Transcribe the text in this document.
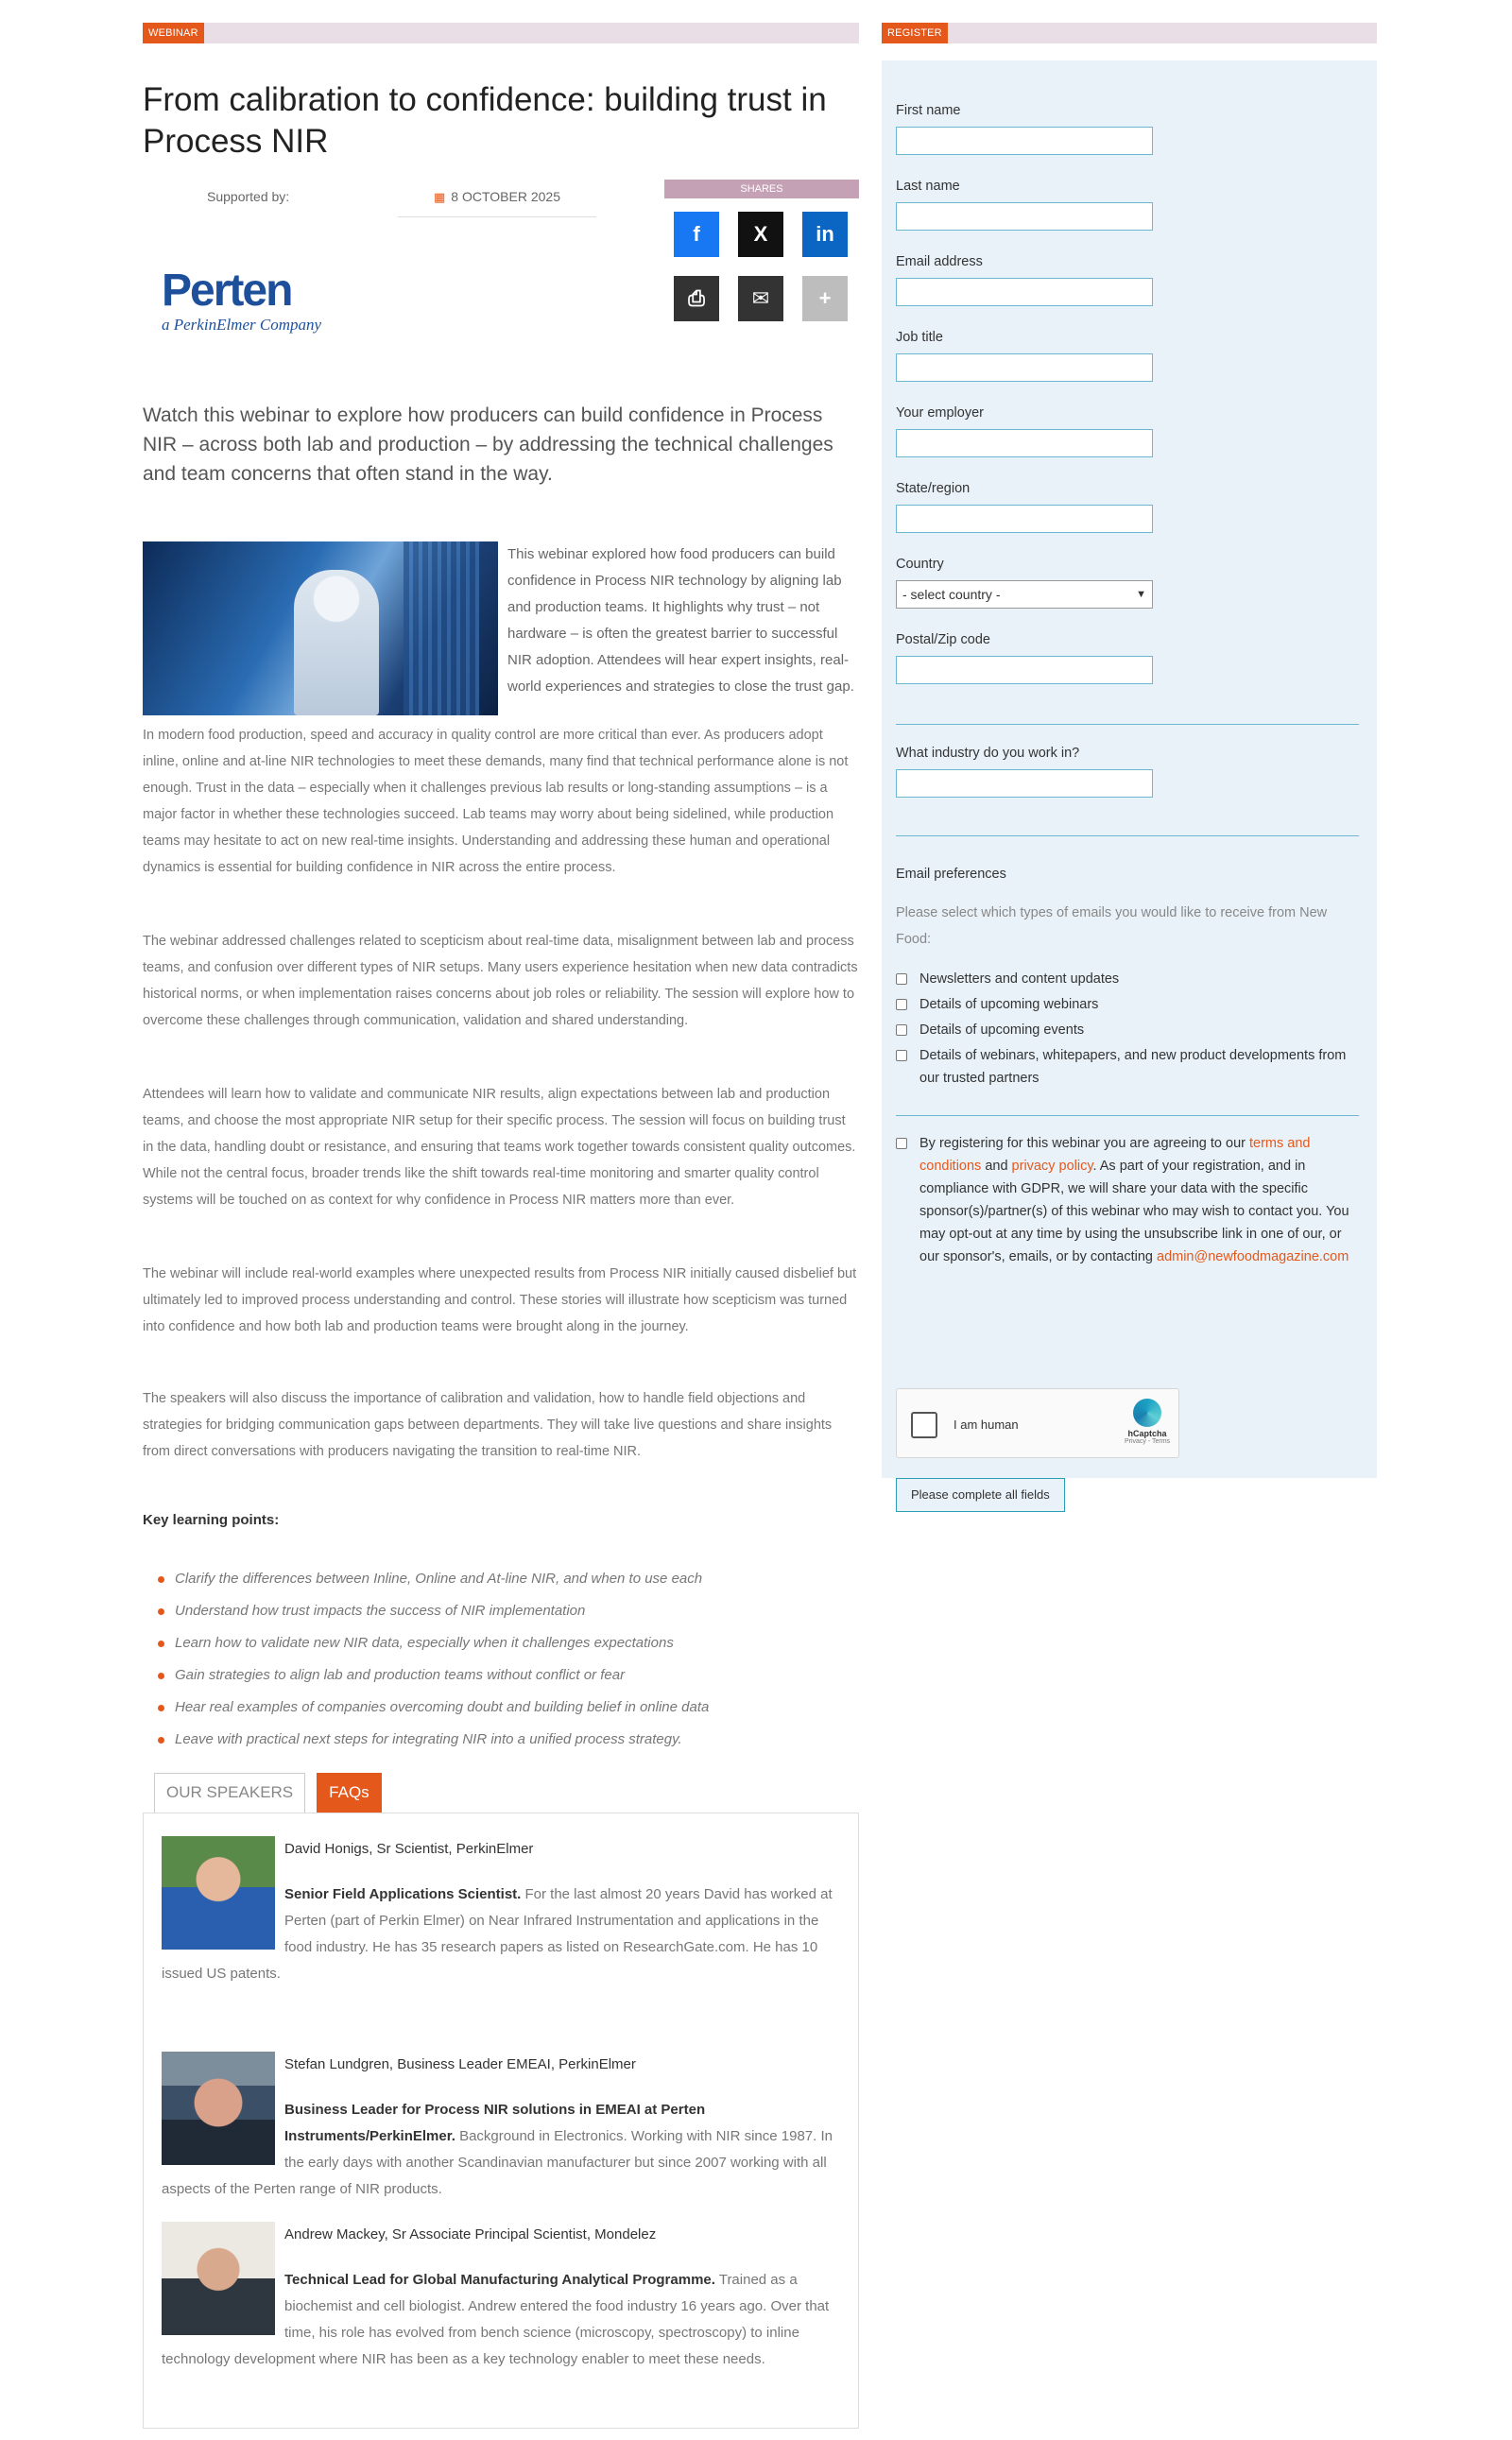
WEBINAR
From calibration to confidence: building trust in Process NIR
Supported by:	▦ 8 OCTOBER 2025
Perten
a PerkinElmer Company
SHARES
f	X in
⎙ ✉ +

Watch this webinar to explore how producers can build confidence in Process NIR – across both lab and production – by addressing the technical challenges and team concerns that often stand in the way.

This webinar explored how food producers can build confidence in Process NIR technology by aligning lab and production teams. It highlights why trust – not hardware – is often the greatest barrier to successful NIR adoption. Attendees will hear expert insights, real-world experiences and strategies to close the trust gap.

In modern food production, speed and accuracy in quality control are more critical than ever. As producers adopt inline, online and at-line NIR technologies to meet these demands, many find that technical performance alone is not enough. Trust in the data – especially when it challenges previous lab results or long-standing assumptions – is a major factor in whether these technologies succeed. Lab teams may worry about being sidelined, while production teams may hesitate to act on new real-time insights. Understanding and addressing these human and operational dynamics is essential for building confidence in NIR across the entire process.

The webinar addressed challenges related to scepticism about real-time data, misalignment between lab and process teams, and confusion over different types of NIR setups. Many users experience hesitation when new data contradicts historical norms, or when implementation raises concerns about job roles or reliability. The session will explore how to overcome these challenges through communication, validation and shared understanding.

Attendees will learn how to validate and communicate NIR results, align expectations between lab and production teams, and choose the most appropriate NIR setup for their specific process. The session will focus on building trust in the data, handling doubt or resistance, and ensuring that teams work together towards consistent quality outcomes. While not the central focus, broader trends like the shift towards real-time monitoring and smarter quality control systems will be touched on as context for why confidence in Process NIR matters more than ever.

The webinar will include real-world examples where unexpected results from Process NIR initially caused disbelief but ultimately led to improved process understanding and control. These stories will illustrate how scepticism was turned into confidence and how both lab and production teams were brought along in the journey.

The speakers will also discuss the importance of calibration and validation, how to handle field objections and strategies for bridging communication gaps between departments. They will take live questions and share insights from direct conversations with producers navigating the transition to real-time NIR.

Key learning points:
Clarify the differences between Inline, Online and At-line NIR, and when to use each
Understand how trust impacts the success of NIR implementation
Learn how to validate new NIR data, especially when it challenges expectations
Gain strategies to align lab and production teams without conflict or fear
Hear real examples of companies overcoming doubt and building belief in online data
Leave with practical next steps for integrating NIR into a unified process strategy.
OUR SPEAKERS	FAQs
David Honigs, Sr Scientist, PerkinElmer
Senior Field Applications Scientist. For the last almost 20 years David has worked at Perten (part of Perkin Elmer) on Near Infrared Instrumentation and applications in the food industry. He has 35 research papers as listed on ResearchGate.com. He has 10 issued US patents.
Stefan Lundgren, Business Leader EMEAI, PerkinElmer
Business Leader for Process NIR solutions in EMEAI at Perten Instruments/PerkinElmer. Background in Electronics. Working with NIR since 1987. In the early days with another Scandinavian manufacturer but since 2007 working with all aspects of the Perten range of NIR products.
Andrew Mackey, Sr Associate Principal Scientist, Mondelez
Technical Lead for Global Manufacturing Analytical Programme. Trained as a biochemist and cell biologist. Andrew entered the food industry 16 years ago. Over that time, his role has evolved from bench science (microscopy, spectroscopy) to inline technology development where NIR has been as a key technology enabler to meet these needs.
REGISTER
First name
Last name
Email address
Job title
Your employer
State/region
Country
- select country -	▼
Postal/Zip code
What industry do you work in?
Email preferences
Please select which types of emails you would like to receive from New Food:
Newsletters and content updates
Details of upcoming webinars
Details of upcoming events
Details of webinars, whitepapers, and new product developments from our trusted partners
By registering for this webinar you are agreeing to our terms and conditions and privacy policy. As part of your registration, and in compliance with GDPR, we will share your data with the specific sponsor(s)/partner(s) of this webinar who may wish to contact you. You may opt-out at any time by using the unsubscribe link in one of our, or our sponsor's, emails, or by contacting admin@newfoodmagazine.com
I am human
hCaptcha
Privacy - Terms
Please complete all fields
